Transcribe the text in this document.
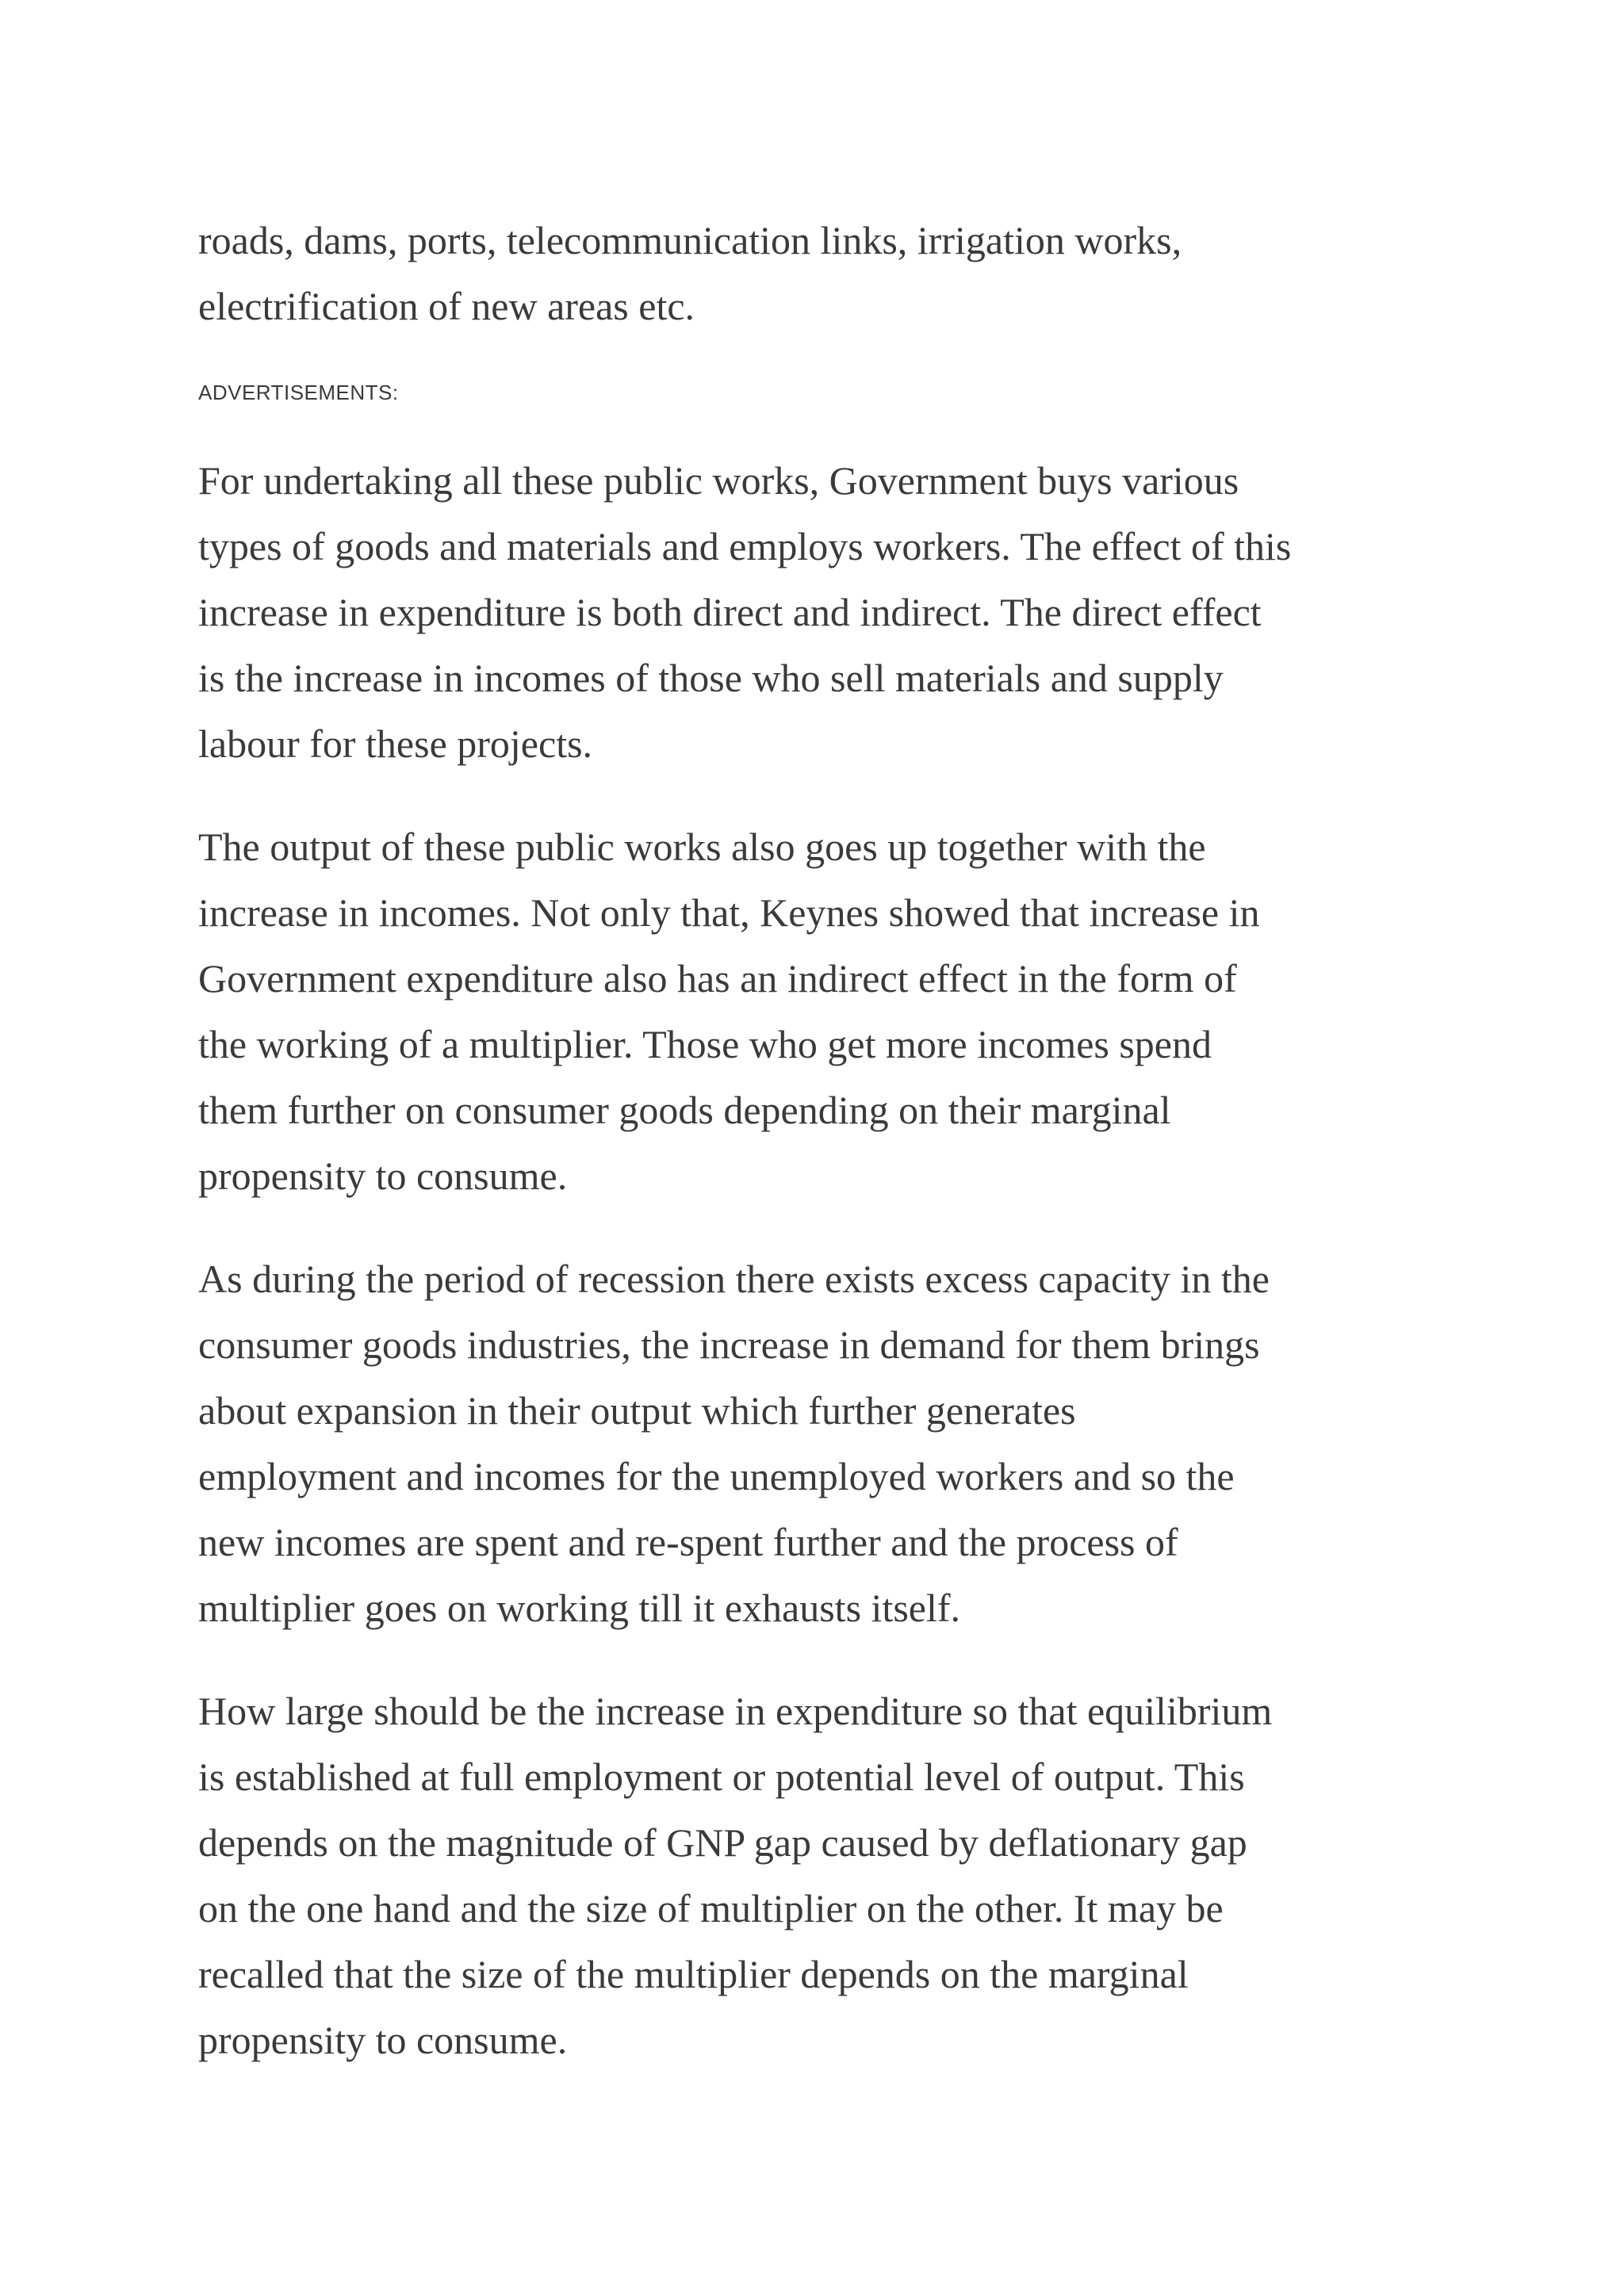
roads, dams, ports, telecommunication links, irrigation works,
electrification of new areas etc.

ADVERTISEMENTS:

For undertaking all these public works, Government buys various
types of goods and materials and employs workers. The effect of this
increase in expenditure is both direct and indirect. The direct effect
is the increase in incomes of those who sell materials and supply
labour for these projects.

The output of these public works also goes up together with the
increase in incomes. Not only that, Keynes showed that increase in
Government expenditure also has an indirect effect in the form of
the working of a multiplier. Those who get more incomes spend
them further on consumer goods depending on their marginal
propensity to consume.

As during the period of recession there exists excess capacity in the
consumer goods industries, the increase in demand for them brings
about expansion in their output which further generates
employment and incomes for the unemployed workers and so the
new incomes are spent and re-spent further and the process of
multiplier goes on working till it exhausts itself.

How large should be the increase in expenditure so that equilibrium
is established at full employment or potential level of output. This
depends on the magnitude of GNP gap caused by deflationary gap
on the one hand and the size of multiplier on the other. It may be
recalled that the size of the multiplier depends on the marginal
propensity to consume.
